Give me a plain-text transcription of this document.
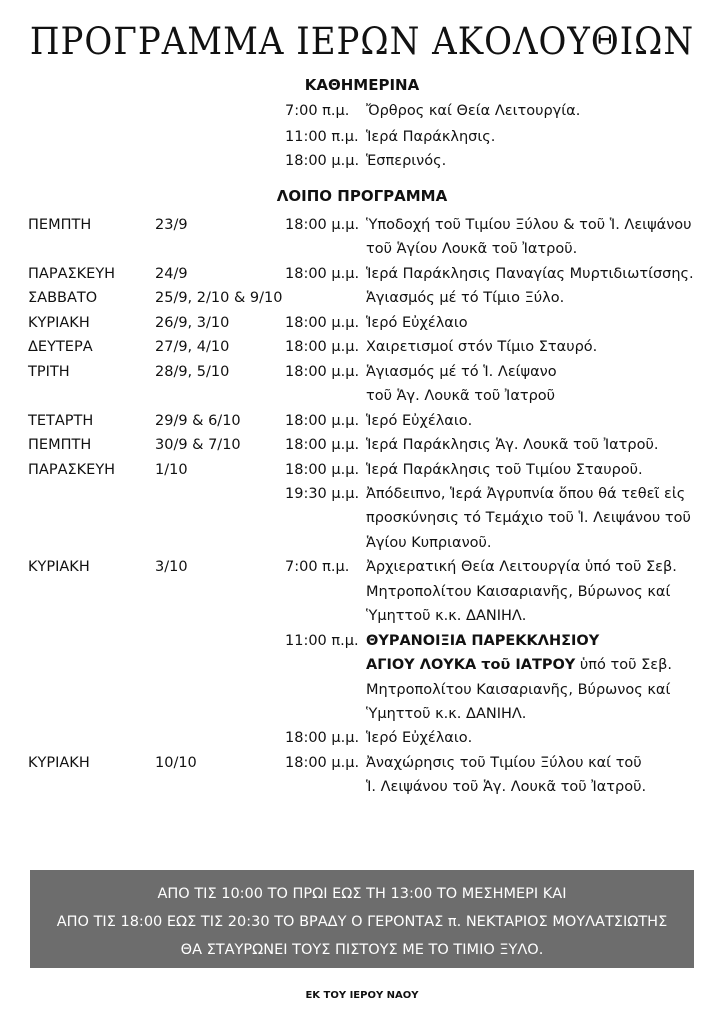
ΠΡΟΓΡΑΜΜΑ ΙΕΡΩΝ ΑΚΟΛΟΥΘΙΩΝ
ΚΑΘΗΜΕΡΙΝΑ
7:00 π.μ. Ὄρθρος καί Θεία Λειτουργία.
11:00 π.μ. Ἱερά Παράκλησις.
18:00 μ.μ. Ἑσπερινός.
ΛΟΙΠΟ ΠΡΟΓΡΑΜΜΑ
ΠΕΜΠΤΗ	23/9	18:00 μ.μ. Ὑποδοχή τοῦ Τιμίου Ξύλου & τοῦ Ἱ. Λειψάνου
τοῦ Ἁγίου Λουκᾶ τοῦ Ἰατροῦ.
ΠΑΡΑΣΚΕΥΗ	24/9	18:00 μ.μ. Ἱερά Παράκλησις Παναγίας Μυρτιδιωτίσσης.
ΣΑΒΒΑΤΟ	25/9, 2/10 & 9/10	Ἁγιασμός μέ τό Τίμιο Ξύλο.
ΚΥΡΙΑΚΗ	26/9, 3/10	18:00 μ.μ. Ἱερό Εὐχέλαιο
ΔΕΥΤΕΡΑ	27/9, 4/10	18:00 μ.μ. Χαιρετισμοί στόν Τίμιο Σταυρό.
ΤΡΙΤΗ	28/9, 5/10	18:00 μ.μ. Ἁγιασμός μέ τό Ἱ. Λείψανο
τοῦ Ἁγ. Λουκᾶ τοῦ Ἰατροῦ
ΤΕΤΑΡΤΗ	29/9 & 6/10	18:00 μ.μ. Ἱερό Εὐχέλαιο.
ΠΕΜΠΤΗ	30/9 & 7/10	18:00 μ.μ. Ἱερά Παράκλησις Ἁγ. Λουκᾶ τοῦ Ἰατροῦ.
ΠΑΡΑΣΚΕΥΗ	1/10	18:00 μ.μ. Ἱερά Παράκλησις τοῦ Τιμίου Σταυροῦ.
19:30 μ.μ. Ἀπόδειπνο, Ἱερά Ἀγρυπνία ὅπου θά τεθεῖ εἰς
προσκύνησις τό Τεμάχιο τοῦ Ἱ. Λειψάνου τοῦ
Ἁγίου Κυπριανοῦ.
ΚΥΡΙΑΚΗ	3/10	7:00 π.μ. Ἀρχιερατική Θεία Λειτουργία ὑπό τοῦ Σεβ.
Μητροπολίτου Καισαριανῆς, Βύρωνος καί
Ὑμηττοῦ κ.κ. ΔΑΝΙΗΛ.
11:00 π.μ. ΘΥΡΑΝΟΙΞΙΑ ΠΑΡΕΚΚΛΗΣΙΟΥ
ΑΓΙΟΥ ΛΟΥΚΑ τοῦ ΙΑΤΡΟΥ ὑπό τοῦ Σεβ.
Μητροπολίτου Καισαριανῆς, Βύρωνος καί
Ὑμηττοῦ κ.κ. ΔΑΝΙΗΛ.
18:00 μ.μ. Ἱερό Εὐχέλαιο.
ΚΥΡΙΑΚΗ	10/10	18:00 μ.μ. Ἀναχώρησις τοῦ Τιμίου Ξύλου καί τοῦ
Ἱ. Λειψάνου τοῦ Ἁγ. Λουκᾶ τοῦ Ἰατροῦ.
ΑΠΟ ΤΙΣ 10:00 ΤΟ ΠΡΩΙ ΕΩΣ ΤΗ 13:00 ΤΟ ΜΕΣΗΜΕΡΙ ΚΑΙ
ΑΠΟ ΤΙΣ 18:00 ΕΩΣ ΤΙΣ 20:30 ΤΟ ΒΡΑΔΥ Ο ΓΕΡΟΝΤΑΣ π. ΝΕΚΤΑΡΙΟΣ ΜΟΥΛΑΤΣΙΩΤΗΣ
ΘΑ ΣΤΑΥΡΩΝΕΙ ΤΟΥΣ ΠΙΣΤΟΥΣ ΜΕ ΤΟ ΤΙΜΙΟ ΞΥΛΟ.
ΕΚ ΤΟΥ ΙΕΡΟΥ ΝΑΟΥ
